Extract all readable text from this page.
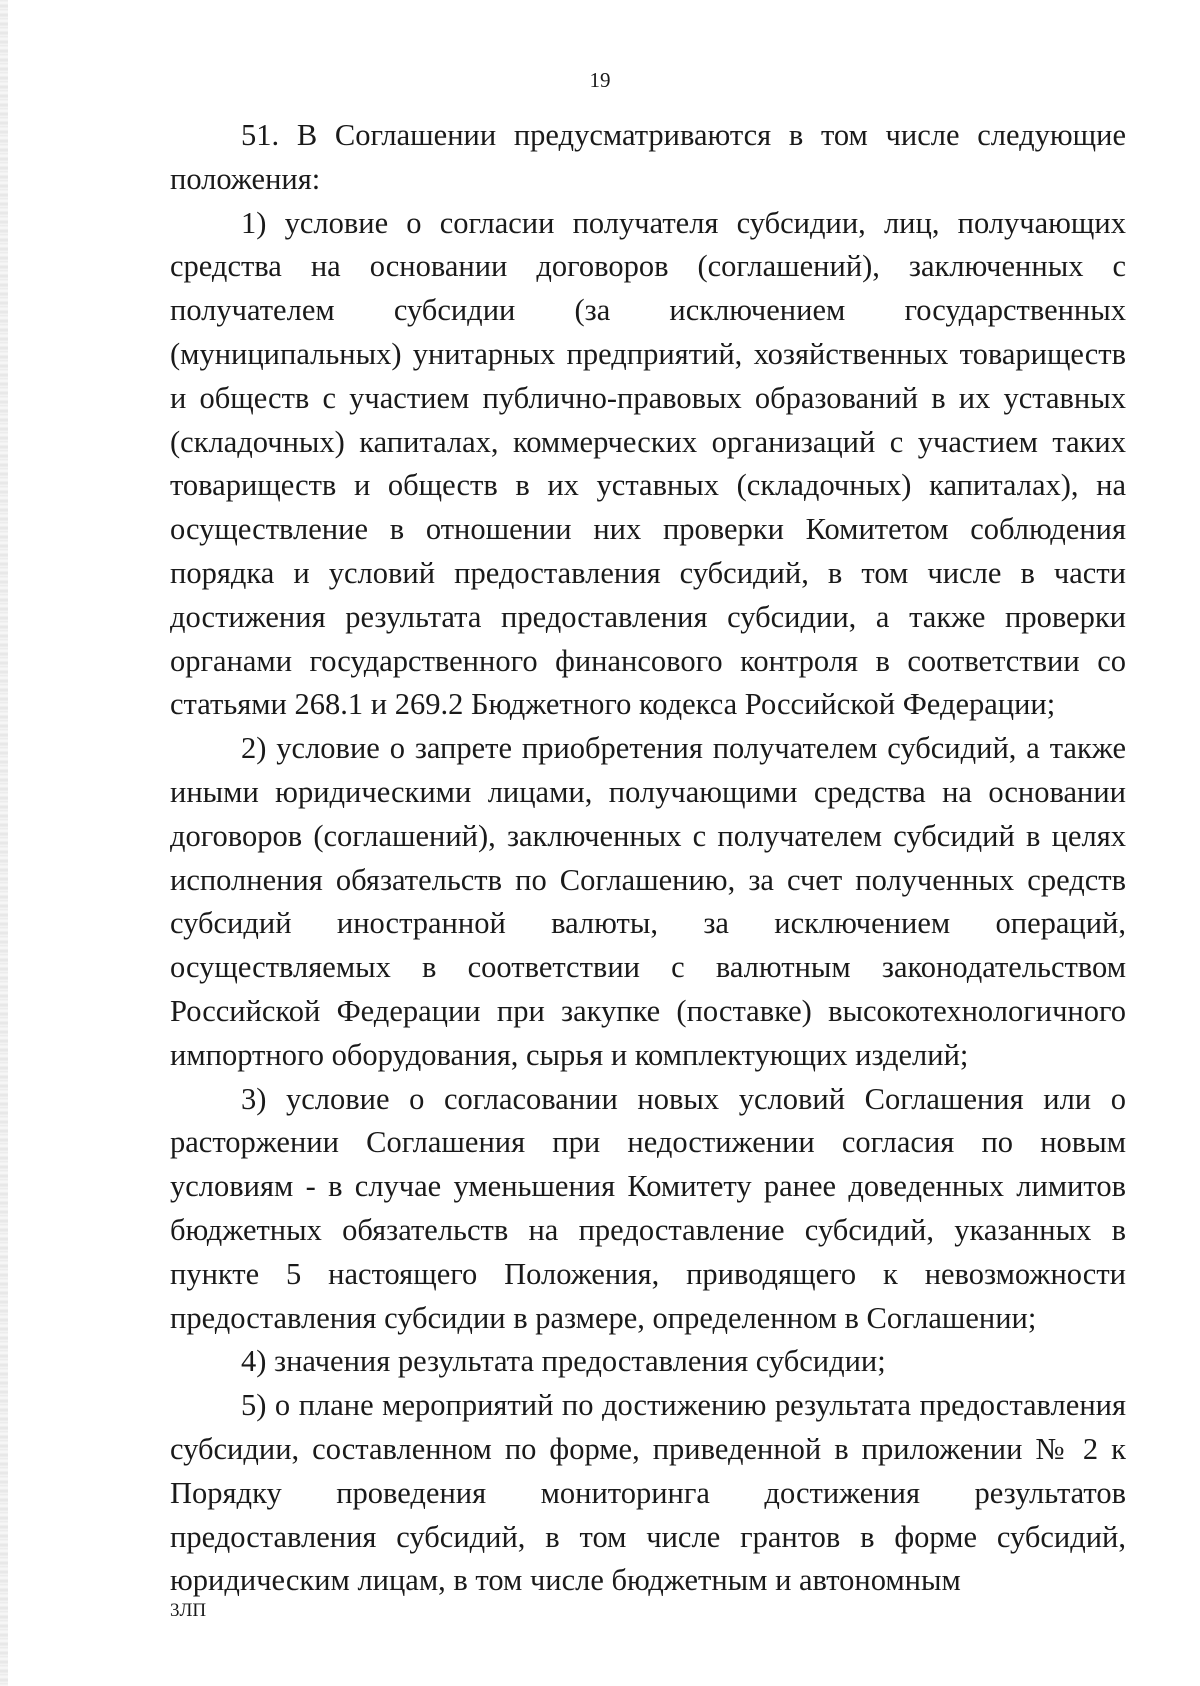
19

51. В Соглашении предусматриваются в том числе следующие положения:

1) условие о согласии получателя субсидии, лиц, получающих средства на основании договоров (соглашений), заключенных с получателем субсидии (за исключением государственных (муниципальных) унитарных предприятий, хозяйственных товариществ и обществ с участием публично-правовых образований в их уставных (складочных) капиталах, коммерческих организаций с участием таких товариществ и обществ в их уставных (складочных) капиталах), на осуществление в отношении них проверки Комитетом соблюдения порядка и условий предоставления субсидий, в том числе в части достижения результата предоставления субсидии, а также проверки органами государственного финансового контроля в соответствии со статьями 268.1 и 269.2 Бюджетного кодекса Российской Федерации;

2) условие о запрете приобретения получателем субсидий, а также иными юридическими лицами, получающими средства на основании договоров (соглашений), заключенных с получателем субсидий в целях исполнения обязательств по Соглашению, за счет полученных средств субсидий иностранной валюты, за исключением операций, осуществляемых в соответствии с валютным законодательством Российской Федерации при закупке (поставке) высокотехнологичного импортного оборудования, сырья и комплектующих изделий;

3) условие о согласовании новых условий Соглашения или о расторжении Соглашения при недостижении согласия по новым условиям - в случае уменьшения Комитету ранее доведенных лимитов бюджетных обязательств на предоставление субсидий, указанных в пункте 5 настоящего Положения, приводящего к невозможности предоставления субсидии в размере, определенном в Соглашении;

4) значения результата предоставления субсидии;

5) о плане мероприятий по достижению результата предоставления субсидии, составленном по форме, приведенной в приложении № 2 к Порядку проведения мониторинга достижения результатов предоставления субсидий, в том числе грантов в форме субсидий, юридическим лицам, в том числе бюджетным и автономным

3ЛП
